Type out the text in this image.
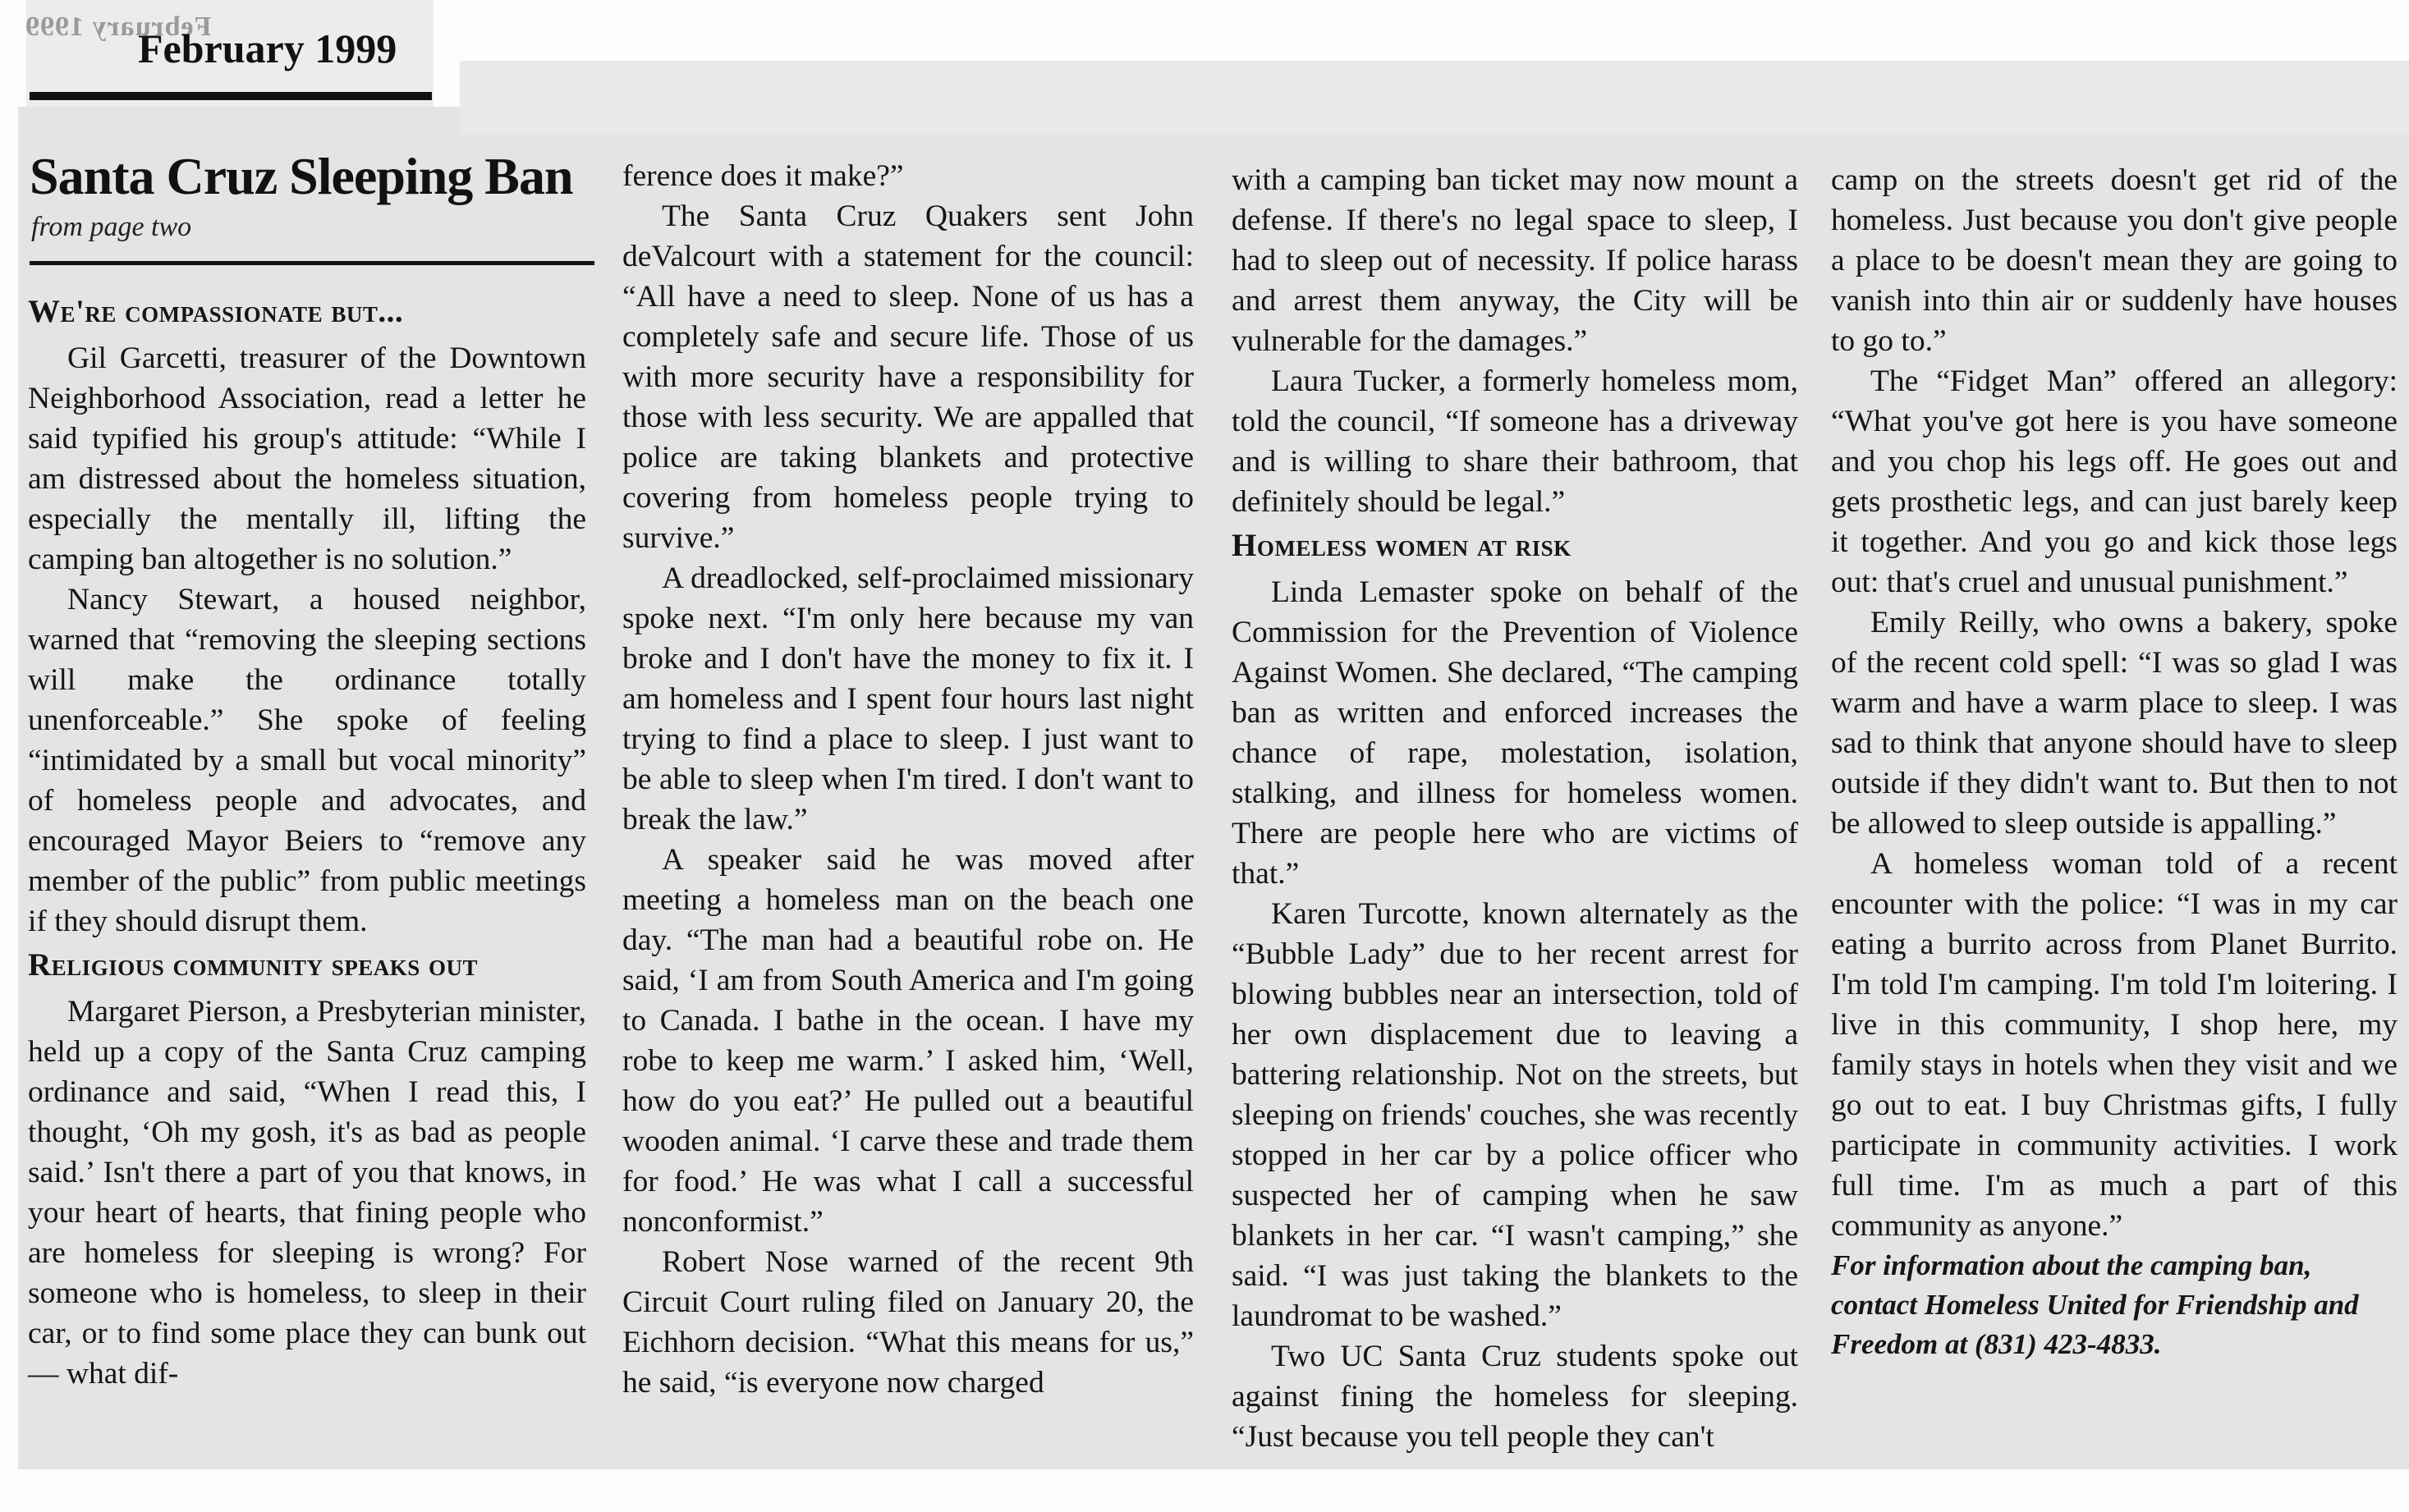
February 1999
February 1999
Santa Cruz Sleeping Ban
from page two

We're compassionate but...

Gil Garcetti, treasurer of the Downtown Neighborhood Association, read a letter he said typified his group's attitude: “While I am distressed about the homeless situation, especially the mentally ill, lifting the camping ban altogether is no solution.”

Nancy Stewart, a housed neighbor, warned that “removing the sleeping sections will make the ordinance totally unenforceable.” She spoke of feeling “intimidated by a small but vocal minority” of homeless people and advocates, and encouraged Mayor Beiers to “remove any member of the public” from public meetings if they should disrupt them.

Religious community speaks out

Margaret Pierson, a Presbyterian minister, held up a copy of the Santa Cruz camping ordinance and said, “When I read this, I thought, ‘Oh my gosh, it's as bad as people said.’ Isn't there a part of you that knows, in your heart of hearts, that fining people who are homeless for sleeping is wrong? For someone who is homeless, to sleep in their car, or to find some place they can bunk out — what dif-

ference does it make?”

The Santa Cruz Quakers sent John deValcourt with a statement for the council: “All have a need to sleep. None of us has a completely safe and secure life. Those of us with more security have a responsibility for those with less security. We are appalled that police are taking blankets and protective covering from homeless people trying to survive.”

A dreadlocked, self-proclaimed missionary spoke next. “I'm only here because my van broke and I don't have the money to fix it. I am homeless and I spent four hours last night trying to find a place to sleep. I just want to be able to sleep when I'm tired. I don't want to break the law.”

A speaker said he was moved after meeting a homeless man on the beach one day. “The man had a beautiful robe on. He said, ‘I am from South America and I'm going to Canada. I bathe in the ocean. I have my robe to keep me warm.’ I asked him, ‘Well, how do you eat?’ He pulled out a beautiful wooden animal. ‘I carve these and trade them for food.’ He was what I call a successful nonconformist.”

Robert Nose warned of the recent 9th Circuit Court ruling filed on January 20, the Eichhorn decision. “What this means for us,” he said, “is everyone now charged

with a camping ban ticket may now mount a defense. If there's no legal space to sleep, I had to sleep out of necessity. If police harass and arrest them anyway, the City will be vulnerable for the damages.”

Laura Tucker, a formerly homeless mom, told the council, “If someone has a driveway and is willing to share their bathroom, that definitely should be legal.”

Homeless women at risk

Linda Lemaster spoke on behalf of the Commission for the Prevention of Violence Against Women. She declared, “The camping ban as written and enforced increases the chance of rape, molestation, isolation, stalking, and illness for homeless women. There are people here who are victims of that.”

Karen Turcotte, known alternately as the “Bubble Lady” due to her recent arrest for blowing bubbles near an intersection, told of her own displacement due to leaving a battering relationship. Not on the streets, but sleeping on friends' couches, she was recently stopped in her car by a police officer who suspected her of camping when he saw blankets in her car. “I wasn't camping,” she said. “I was just taking the blankets to the laundromat to be washed.”

Two UC Santa Cruz students spoke out against fining the homeless for sleeping. “Just because you tell people they can't

camp on the streets doesn't get rid of the homeless. Just because you don't give people a place to be doesn't mean they are going to vanish into thin air or suddenly have houses to go to.”

The “Fidget Man” offered an allegory: “What you've got here is you have someone and you chop his legs off. He goes out and gets prosthetic legs, and can just barely keep it together. And you go and kick those legs out: that's cruel and unusual punishment.”

Emily Reilly, who owns a bakery, spoke of the recent cold spell: “I was so glad I was warm and have a warm place to sleep. I was sad to think that anyone should have to sleep outside if they didn't want to. But then to not be allowed to sleep outside is appalling.”

A homeless woman told of a recent encounter with the police: “I was in my car eating a burrito across from Planet Burrito. I'm told I'm camping. I'm told I'm loitering. I live in this community, I shop here, my family stays in hotels when they visit and we go out to eat. I buy Christmas gifts, I fully participate in community activities. I work full time. I'm as much a part of this community as anyone.”

For information about the camping ban, contact Homeless United for Friendship and Freedom at (831) 423-4833.
